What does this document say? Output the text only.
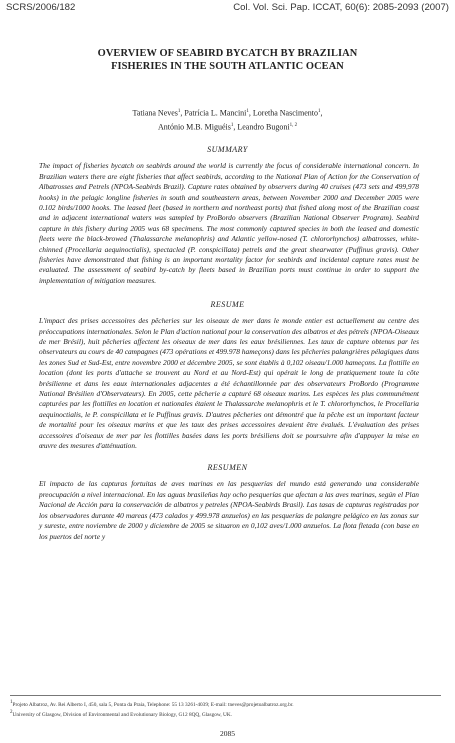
SCRS/2006/182	Col. Vol. Sci. Pap. ICCAT, 60(6): 2085-2093 (2007)
OVERVIEW OF SEABIRD BYCATCH BY BRAZILIAN
FISHERIES IN THE SOUTH ATLANTIC OCEAN
Tatiana Neves$^1$, Patrícia L. Mancini$^1$, Loretha Nascimento$^1$,
António M.B. Miguéis$^1$, Leandro Bugoni$^{1, 2}$
SUMMARY
The impact of fisheries bycatch on seabirds around the world is currently the focus of considerable international concern. In Brazilian waters there are eight fisheries that affect seabirds, according to the National Plan of Action for the Conservation of Albatrosses and Petrels (NPOA-Seabirds Brazil). Capture rates obtained by observers during 40 cruises (473 sets and 499,978 hooks) in the pelagic longline fisheries in south and southeastern areas, between November 2000 and December 2005 were 0.102 birds/1000 hooks. The leased fleet (based in northern and northeast ports) that fished along most of the Brazilian coast and in adjacent international waters was sampled by ProBordo observers (Brazilian National Observer Program). Seabird capture in this fishery during 2005 was 68 specimens. The most commonly captured species in both the leased and domestic fleets were the black-browed (Thalassarche melanophris) and Atlantic yellow-nosed (T. chlororhynchos) albatrosses, white-chinned (Procellaria aequinoctialis), spectacled (P. conspicillata) petrels and the great shearwater (Puffinus gravis). Other fisheries have demonstrated that fishing is an important mortality factor for seabirds and incidental capture rates must be evaluated. The assessment of seabird by-catch by fleets based in Brazilian ports must continue in order to support the implementation of mitigation measures.
RESUME
L'impact des prises accessoires des pêcheries sur les oiseaux de mer dans le monde entier est actuellement au centre des préoccupations internationales. Selon le Plan d'action national pour la conservation des albatros et des pétrels (NPOA-Oiseaux de mer Brésil), huit pêcheries affectent les oiseaux de mer dans les eaux brésiliennes. Les taux de capture obtenus par les observateurs au cours de 40 campagnes (473 opérations et 499.978 hameçons) dans les pêcheries palangrières pélagiques dans les zones Sud et Sud-Est, entre novembre 2000 et décembre 2005, se sont établis à 0,102 oiseau/1.000 hameçons. La flottille en location (dont les ports d'attache se trouvent au Nord et au Nord-Est) qui opérait le long de pratiquement toute la côte brésilienne et dans les eaux internationales adjacentes a été échantillonnée par des observateurs ProBordo (Programme National Brésilien d'Observateurs). En 2005, cette pêcherie a capturé 68 oiseaux marins. Les espèces les plus communément capturées par les flottilles en location et nationales étaient le Thalassarche melanophris et le T. chlororhynchos, le Procellaria aequinoctialis, le P. conspicillata et le Puffinus gravis. D'autres pêcheries ont démontré que la pêche est un important facteur de mortalité pour les oiseaux marins et que les taux des prises accessoires devaient être évalués. L'évaluation des prises accessoires d'oiseaux de mer par les flottilles basées dans les ports brésiliens doit se poursuivre afin d'appuyer la mise en œuvre des mesures d'atténuation.
RESUMEN
El impacto de las capturas fortuitas de aves marinas en las pesquerías del mundo está generando una considerable preocupación a nivel internacional. En las aguas brasileñas hay ocho pesquerías que afectan a las aves marinas, según el Plan Nacional de Acción para la conservación de albatros y petreles (NPOA-Seabirds Brasil). Las tasas de capturas registradas por los observadores durante 40 mareas (473 calados y 499.978 anzuelos) en las pesquerías de palangre pelágico en las zonas sur y sureste, entre noviembre de 2000 y diciembre de 2005 se situaron en 0,102 aves/1.000 anzuelos. La flota fletada (con base en los puertos del norte y
$^1$Projeto Albatroz, Av. Rei Alberto I, 450, sala 5, Ponta da Praia, Telephone: 55 13 3261-4039; E-mail: tneves@projetoalbatroz.org.br.
$^2$University of Glasgow, Division of Environmental and Evolutionary Biology, G12 8QQ, Glasgow, UK.
2085
